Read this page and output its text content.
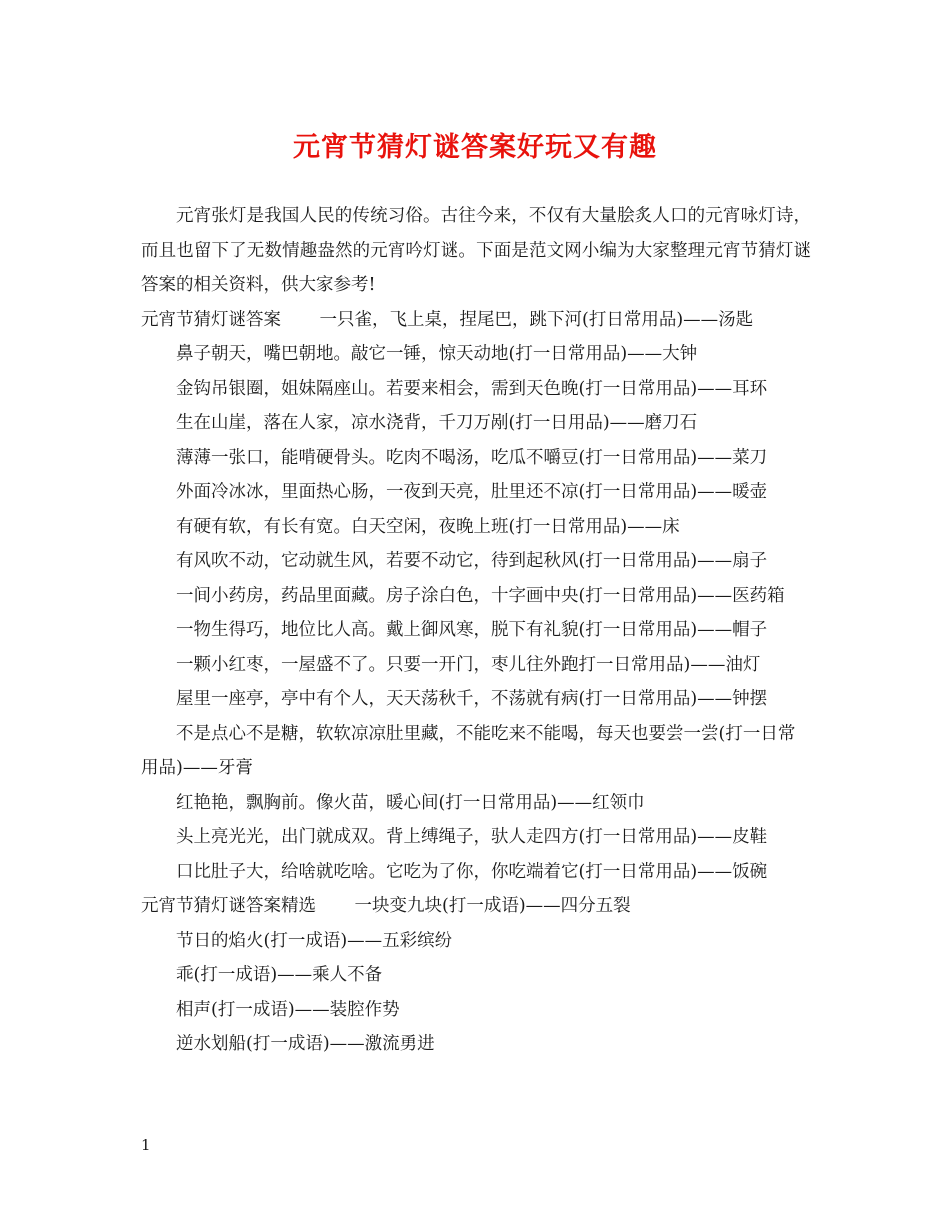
元宵节猜灯谜答案好玩又有趣

元宵张灯是我国人民的传统习俗。古往今来，不仅有大量脍炙人口的元宵咏灯诗，而且也留下了无数情趣盎然的元宵吟灯谜。下面是范文网小编为大家整理元宵节猜灯谜答案的相关资料，供大家参考!

元宵节猜灯谜答案 一只雀，飞上桌，捏尾巴，跳下河(打日常用品)——汤匙

鼻子朝天，嘴巴朝地。敲它一锤，惊天动地(打一日常用品)——大钟

金钩吊银圈，姐妹隔座山。若要来相会，需到天色晚(打一日常用品)——耳环

生在山崖，落在人家，凉水浇背，千刀万剐(打一日用品)——磨刀石

薄薄一张口，能啃硬骨头。吃肉不喝汤，吃瓜不嚼豆(打一日常用品)——菜刀

外面冷冰冰，里面热心肠，一夜到天亮，肚里还不凉(打一日常用品)——暖壶

有硬有软，有长有宽。白天空闲，夜晚上班(打一日常用品)——床

有风吹不动，它动就生风，若要不动它，待到起秋风(打一日常用品)——扇子

一间小药房，药品里面藏。房子涂白色，十字画中央(打一日常用品)——医药箱

一物生得巧，地位比人高。戴上御风寒，脱下有礼貌(打一日常用品)——帽子

一颗小红枣，一屋盛不了。只要一开门，枣儿往外跑打一日常用品)——油灯

屋里一座亭，亭中有个人，天天荡秋千，不荡就有病(打一日常用品)——钟摆

不是点心不是糖，软软凉凉肚里藏，不能吃来不能喝，每天也要尝一尝(打一日常用品)——牙膏

红艳艳，飘胸前。像火苗，暖心间(打一日常用品)——红领巾

头上亮光光，出门就成双。背上缚绳子，驮人走四方(打一日常用品)——皮鞋

口比肚子大，给啥就吃啥。它吃为了你，你吃端着它(打一日常用品)——饭碗

元宵节猜灯谜答案精选 一块变九块(打一成语)——四分五裂

节日的焰火(打一成语)——五彩缤纷

乖(打一成语)——乘人不备

相声(打一成语)——装腔作势

逆水划船(打一成语)——激流勇进

1
